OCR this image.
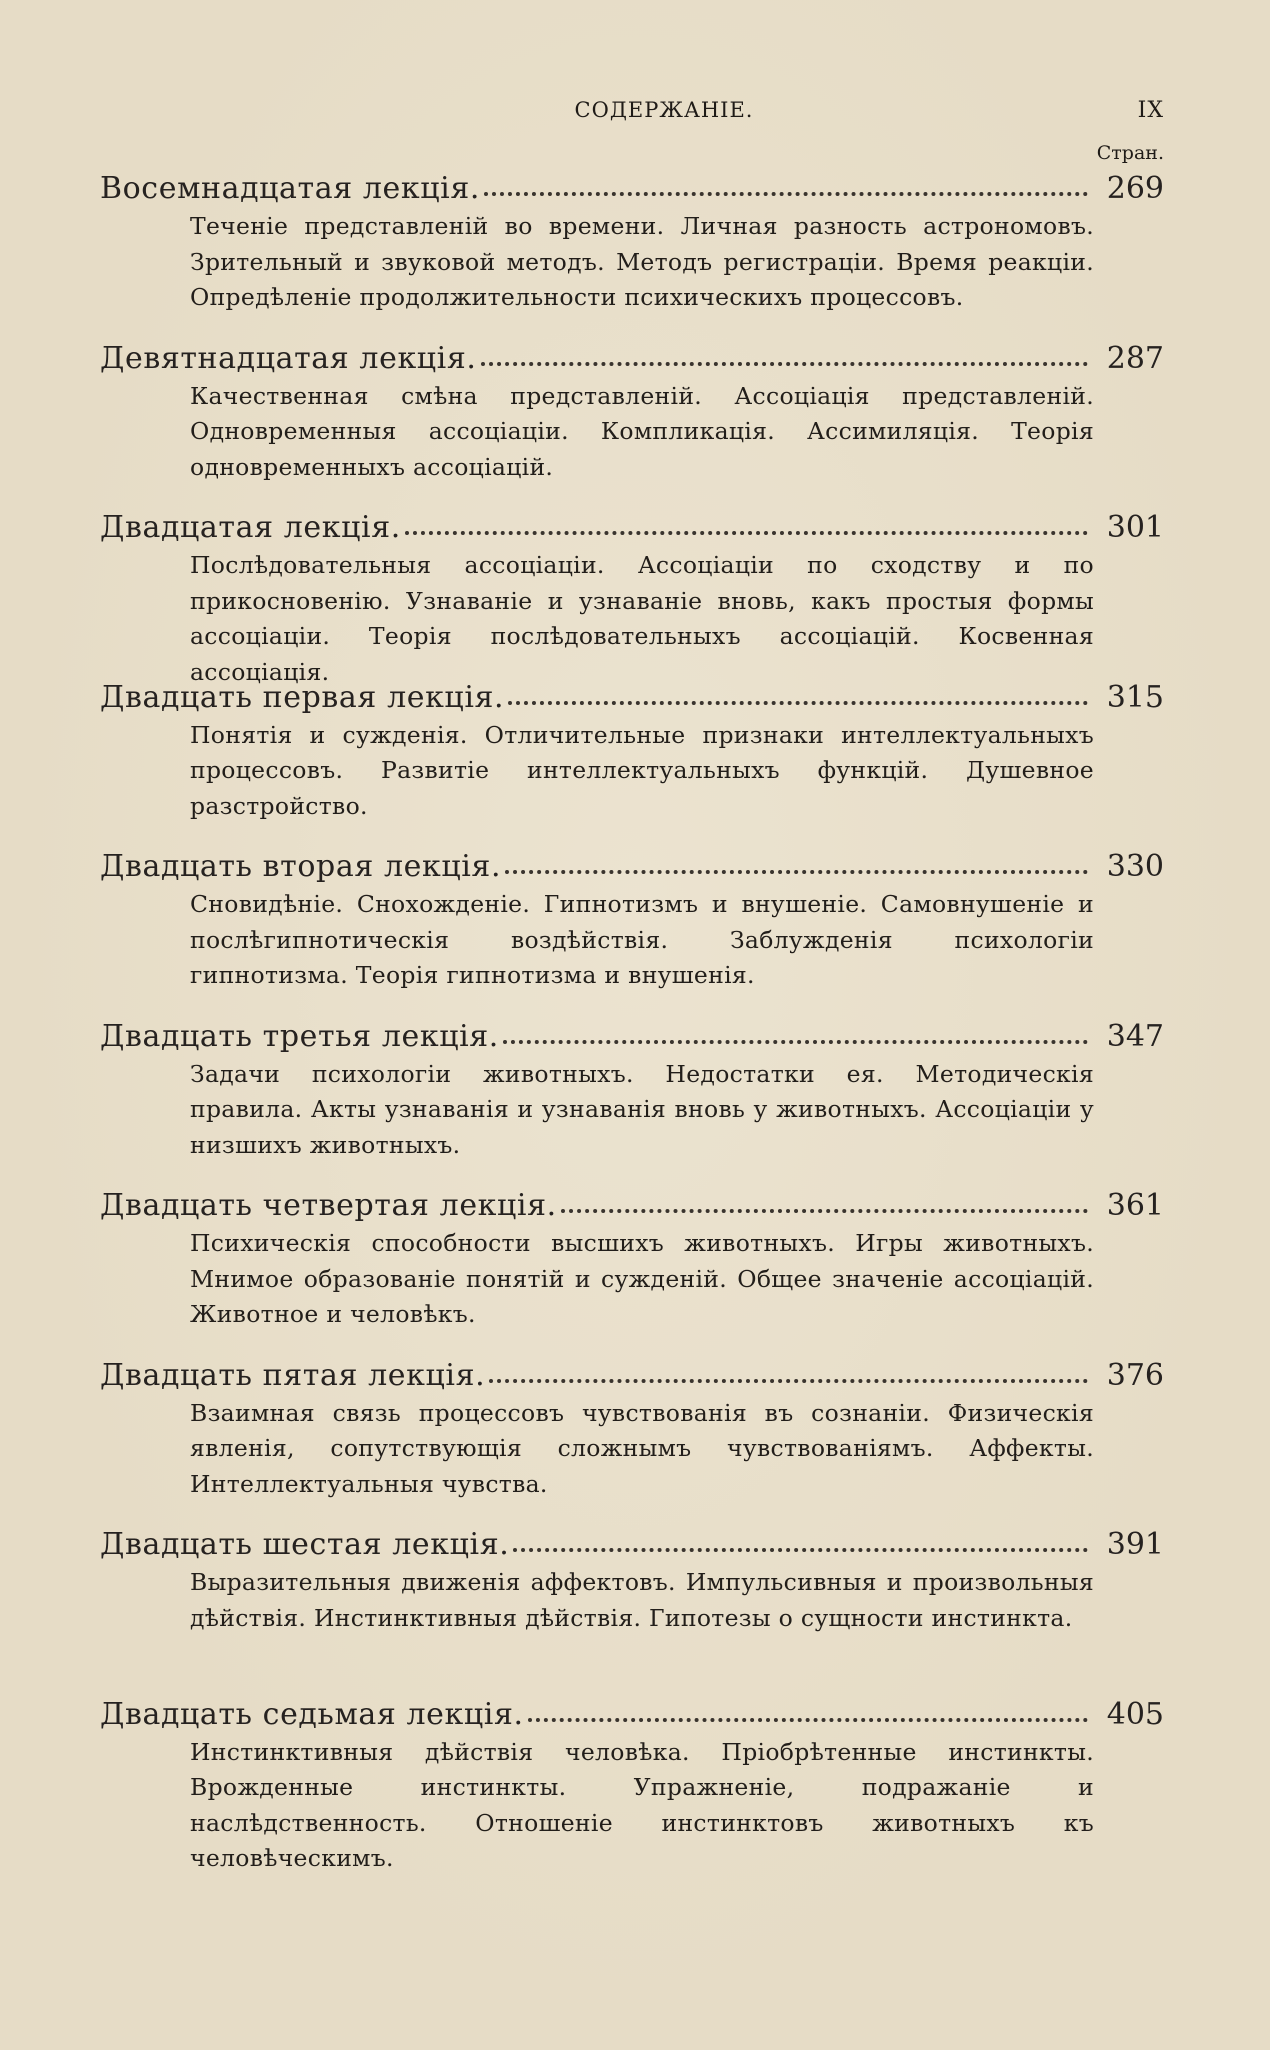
СОДЕРЖАНІЕ.	IX
Стран.
Восемнадцатая лекція.	269

Теченіе представленій во времени. Личная разность астрономовъ. Зрительный и звуковой методъ. Методъ регистраціи. Время реакціи. Опредѣленіе продолжительности психическихъ процессовъ.

Девятнадцатая лекція.	287

Качественная смѣна представленій. Ассоціація представленій. Одновременныя ассоціаціи. Компликація. Ассимиляція. Теорія одновременныхъ ассоціацій.

Двадцатая лекція.	301

Послѣдовательныя ассоціаціи. Ассоціаціи по сходству и по прикосновенію. Узнаваніе и узнаваніе вновь, какъ простыя формы ассоціаціи. Теорія послѣдовательныхъ ассоціацій. Косвенная ассоціація.

Двадцать первая лекція.	315

Понятія и сужденія. Отличительные признаки интеллектуальныхъ процессовъ. Развитіе интеллектуальныхъ функцій. Душевное разстройство.

Двадцать вторая лекція.	330

Сновидѣніе. Снохожденіе. Гипнотизмъ и внушеніе. Самовнушеніе и послѣгипнотическія воздѣйствія. Заблужденія психологіи гипнотизма. Теорія гипнотизма и внушенія.

Двадцать третья лекція.	347

Задачи психологіи животныхъ. Недостатки ея. Методическія правила. Акты узнаванія и узнаванія вновь у животныхъ. Ассоціаціи у низшихъ животныхъ.

Двадцать четвертая лекція.	361

Психическія способности высшихъ животныхъ. Игры животныхъ. Мнимое образованіе понятій и сужденій. Общее значеніе ассоціацій. Животное и человѣкъ.

Двадцать пятая лекція.	376

Взаимная связь процессовъ чувствованія въ сознаніи. Физическія явленія, сопутствующія сложнымъ чувствованіямъ. Аффекты. Интеллектуальныя чувства.

Двадцать шестая лекція.	391

Выразительныя движенія аффектовъ. Импульсивныя и произвольныя дѣйствія. Инстинктивныя дѣйствія. Гипотезы о сущности инстинкта.

Двадцать седьмая лекція.	405

Инстинктивныя дѣйствія человѣка. Пріобрѣтенные инстинкты. Врожденные инстинкты. Упражненіе, подражаніе и наслѣдственность. Отношеніе инстинктовъ животныхъ къ человѣческимъ.
